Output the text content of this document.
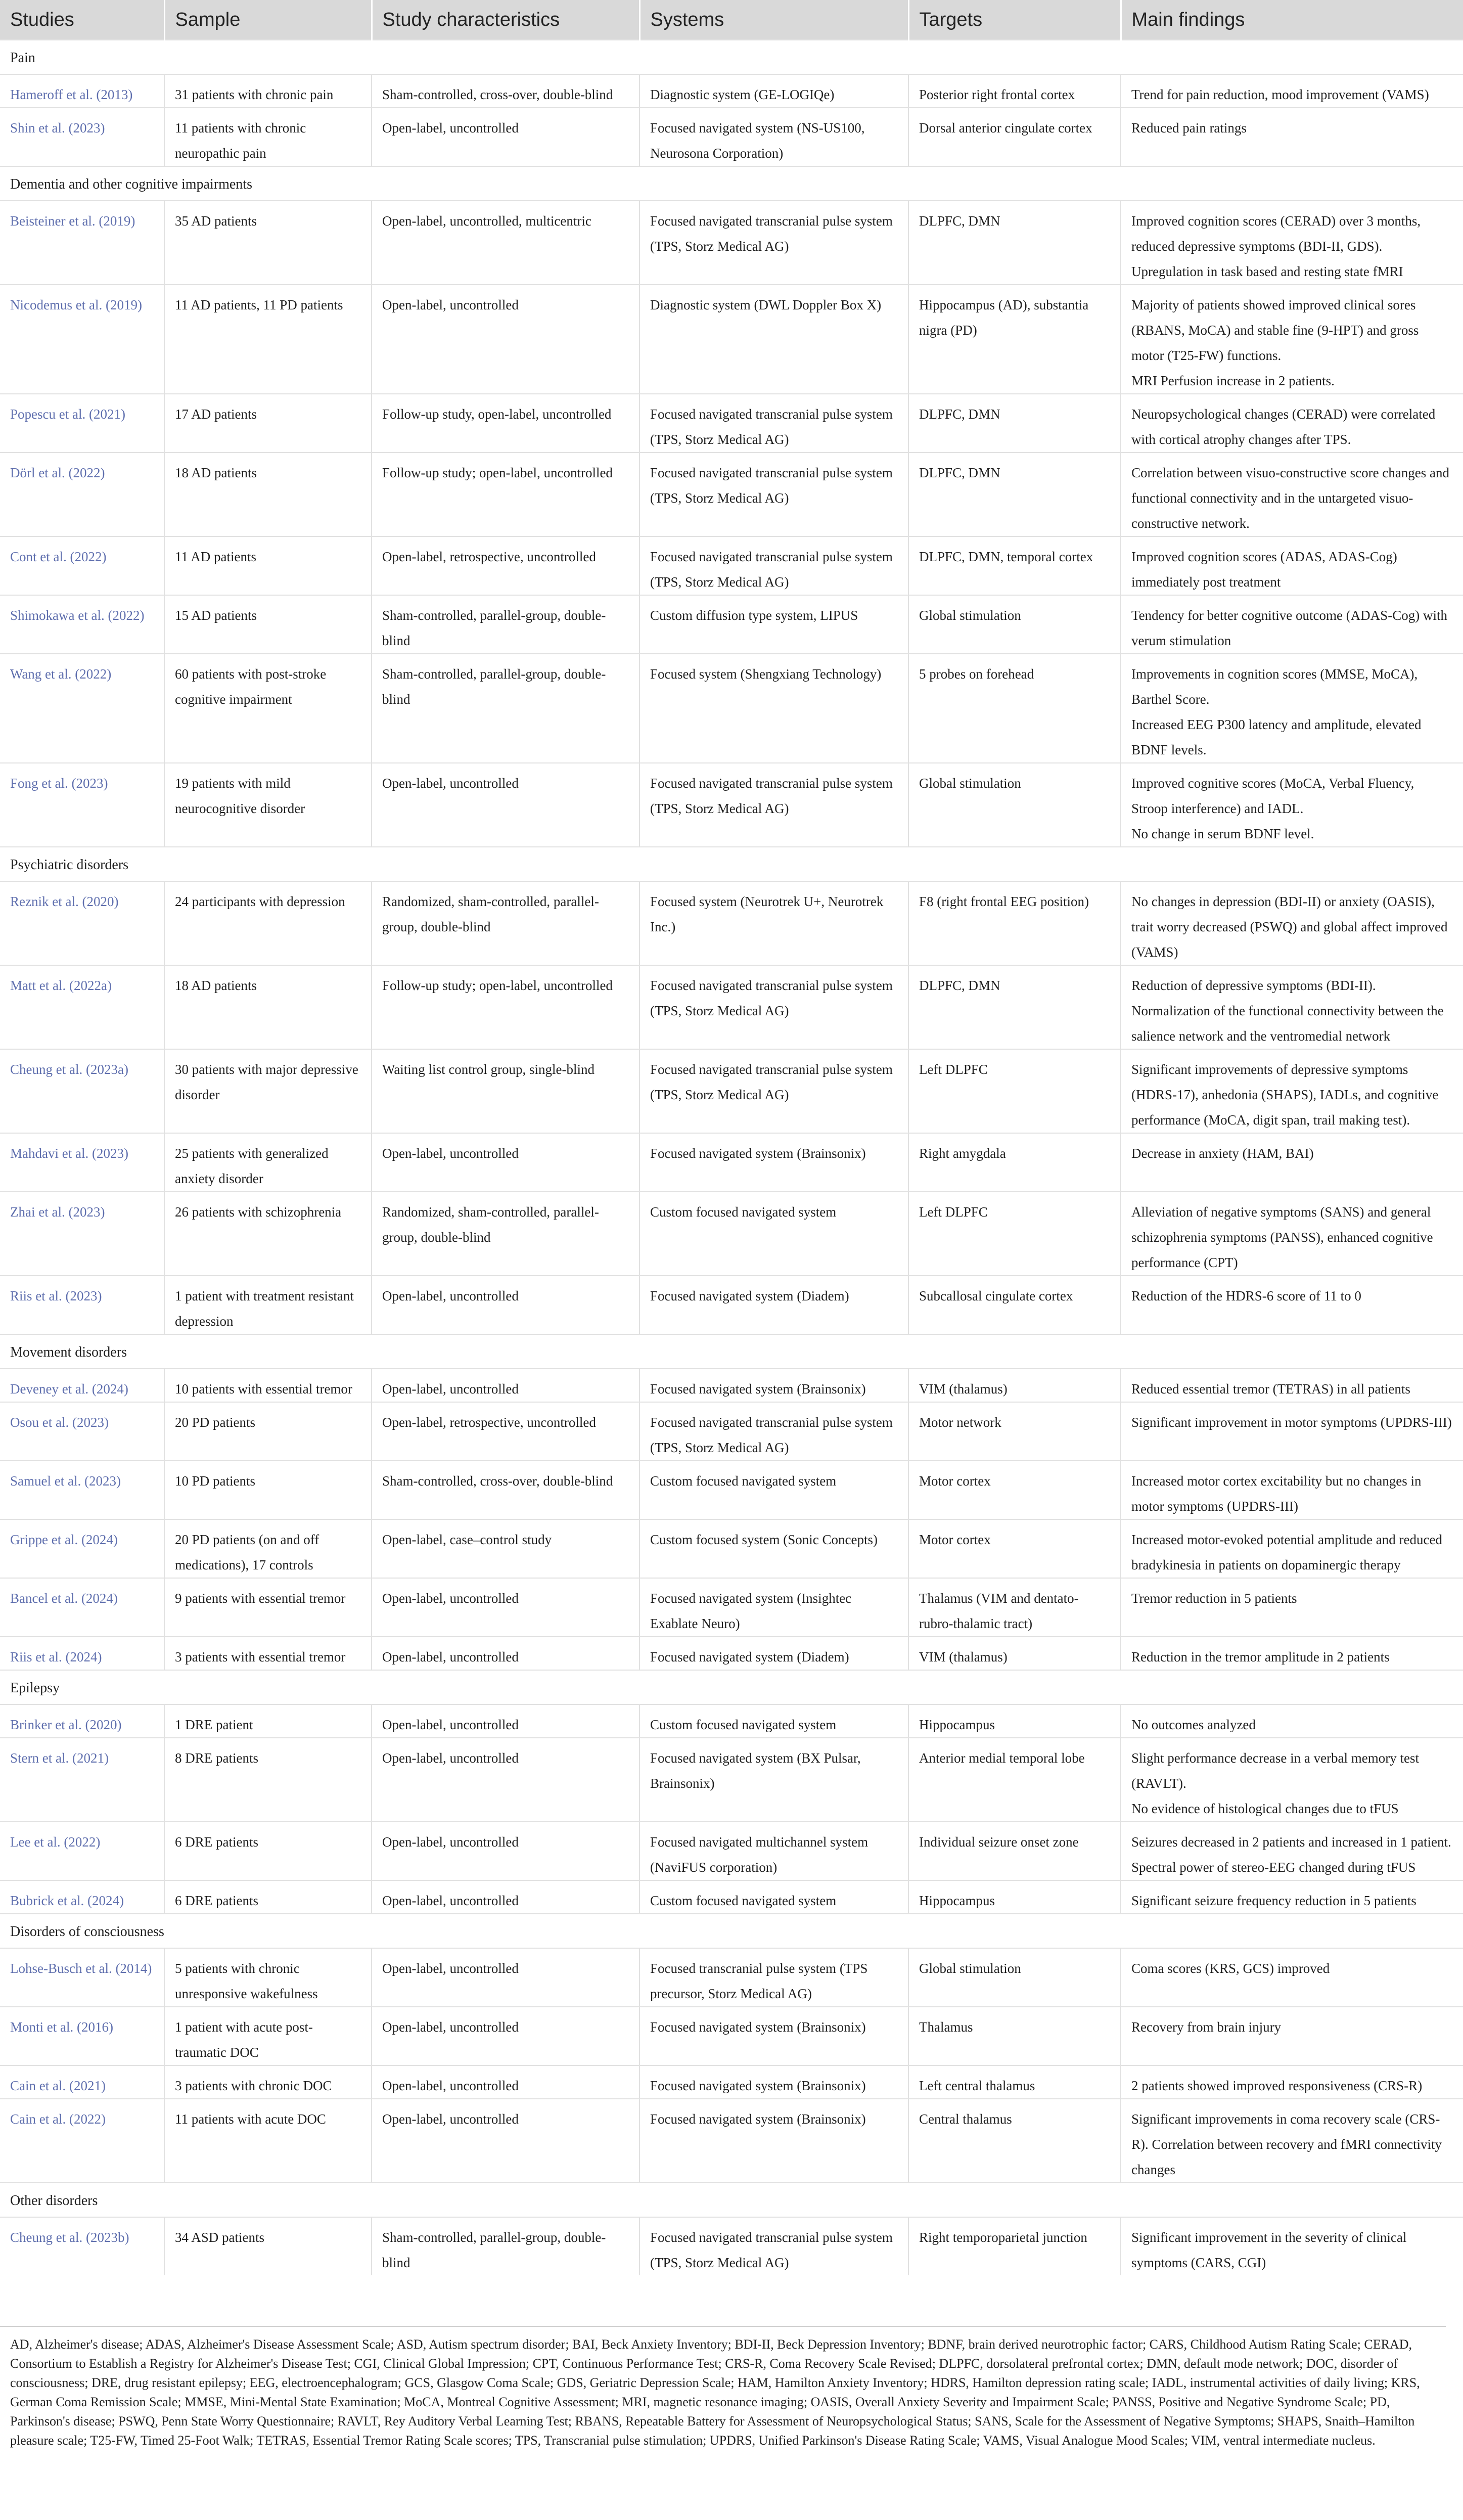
Studies	Sample	Study characteristics	Systems	Targets	Main findings
Pain					
Hameroff et al. (2013)	31 patients with chronic pain	Sham-controlled, cross-over, double-blind	Diagnostic system (GE-LOGIQe)	Posterior right frontal cortex	Trend for pain reduction, mood improvement (VAMS)
Shin et al. (2023)	11 patients with chronic neuropathic pain	Open-label, uncontrolled	Focused navigated system (NS-US100, Neurosona Corporation)	Dorsal anterior cingulate cortex	Reduced pain ratings
Dementia and other cognitive impairments					
Beisteiner et al. (2019)	35 AD patients	Open-label, uncontrolled, multicentric	Focused navigated transcranial pulse system (TPS, Storz Medical AG)	DLPFC, DMN	Improved cognition scores (CERAD) over 3 months, reduced depressive symptoms (BDI-II, GDS). Upregulation in task based and resting state fMRI
Nicodemus et al. (2019)	11 AD patients, 11 PD patients	Open-label, uncontrolled	Diagnostic system (DWL Doppler Box X)	Hippocampus (AD), substantia nigra (PD)	Majority of patients showed improved clinical sores (RBANS, MoCA) and stable fine (9-HPT) and gross motor (T25-FW) functions.
MRI Perfusion increase in 2 patients.

Popescu et al. (2021)	17 AD patients	Follow-up study, open-label, uncontrolled	Focused navigated transcranial pulse system (TPS, Storz Medical AG)	DLPFC, DMN	Neuropsychological changes (CERAD) were correlated with cortical atrophy changes after TPS.
Dörl et al. (2022)	18 AD patients	Follow-up study; open-label, uncontrolled	Focused navigated transcranial pulse system (TPS, Storz Medical AG)	DLPFC, DMN	Correlation between visuo-constructive score changes and functional connectivity and in the untargeted visuo-constructive network.
Cont et al. (2022)	11 AD patients	Open-label, retrospective, uncontrolled	Focused navigated transcranial pulse system (TPS, Storz Medical AG)	DLPFC, DMN, temporal cortex	Improved cognition scores (ADAS, ADAS-Cog) immediately post treatment
Shimokawa et al. (2022)	15 AD patients	Sham-controlled, parallel-group, double-blind	Custom diffusion type system, LIPUS	Global stimulation	Tendency for better cognitive outcome (ADAS-Cog) with verum stimulation
Wang et al. (2022)	60 patients with post-stroke cognitive impairment	Sham-controlled, parallel-group, double-blind	Focused system (Shengxiang Technology)	5 probes on forehead	Improvements in cognition scores (MMSE, MoCA), Barthel Score.
Increased EEG P300 latency and amplitude, elevated BDNF levels.

Fong et al. (2023)	19 patients with mild neurocognitive disorder	Open-label, uncontrolled	Focused navigated transcranial pulse system (TPS, Storz Medical AG)	Global stimulation	Improved cognitive scores (MoCA, Verbal Fluency, Stroop interference) and IADL.
No change in serum BDNF level.

Psychiatric disorders					
Reznik et al. (2020)	24 participants with depression	Randomized, sham-controlled, parallel-group, double-blind	Focused system (Neurotrek U+, Neurotrek Inc.)	F8 (right frontal EEG position)	No changes in depression (BDI-II) or anxiety (OASIS), trait worry decreased (PSWQ) and global affect improved (VAMS)
Matt et al. (2022a)	18 AD patients	Follow-up study; open-label, uncontrolled	Focused navigated transcranial pulse system (TPS, Storz Medical AG)	DLPFC, DMN	Reduction of depressive symptoms (BDI-II).
Normalization of the functional connectivity between the salience network and the ventromedial network

Cheung et al. (2023a)	30 patients with major depressive disorder	Waiting list control group, single-blind	Focused navigated transcranial pulse system (TPS, Storz Medical AG)	Left DLPFC	Significant improvements of depressive symptoms (HDRS-17), anhedonia (SHAPS), IADLs, and cognitive performance (MoCA, digit span, trail making test).
Mahdavi et al. (2023)	25 patients with generalized anxiety disorder	Open-label, uncontrolled	Focused navigated system (Brainsonix)	Right amygdala	Decrease in anxiety (HAM, BAI)
Zhai et al. (2023)	26 patients with schizophrenia	Randomized, sham-controlled, parallel-group, double-blind	Custom focused navigated system	Left DLPFC	Alleviation of negative symptoms (SANS) and general schizophrenia symptoms (PANSS), enhanced cognitive performance (CPT)
Riis et al. (2023)	1 patient with treatment resistant depression	Open-label, uncontrolled	Focused navigated system (Diadem)	Subcallosal cingulate cortex	Reduction of the HDRS-6 score of 11 to 0
Movement disorders					
Deveney et al. (2024)	10 patients with essential tremor	Open-label, uncontrolled	Focused navigated system (Brainsonix)	VIM (thalamus)	Reduced essential tremor (TETRAS) in all patients
Osou et al. (2023)	20 PD patients	Open-label, retrospective, uncontrolled	Focused navigated transcranial pulse system (TPS, Storz Medical AG)	Motor network	Significant improvement in motor symptoms (UPDRS-III)
Samuel et al. (2023)	10 PD patients	Sham-controlled, cross-over, double-blind	Custom focused navigated system	Motor cortex	Increased motor cortex excitability but no changes in motor symptoms (UPDRS-III)
Grippe et al. (2024)	20 PD patients (on and off medications), 17 controls	Open-label, case–control study	Custom focused system (Sonic Concepts)	Motor cortex	Increased motor-evoked potential amplitude and reduced bradykinesia in patients on dopaminergic therapy
Bancel et al. (2024)	9 patients with essential tremor	Open-label, uncontrolled	Focused navigated system (Insightec Exablate Neuro)	Thalamus (VIM and dentato-rubro-thalamic tract)	Tremor reduction in 5 patients
Riis et al. (2024)	3 patients with essential tremor	Open-label, uncontrolled	Focused navigated system (Diadem)	VIM (thalamus)	Reduction in the tremor amplitude in 2 patients
Epilepsy					
Brinker et al. (2020)	1 DRE patient	Open-label, uncontrolled	Custom focused navigated system	Hippocampus	No outcomes analyzed
Stern et al. (2021)	8 DRE patients	Open-label, uncontrolled	Focused navigated system (BX Pulsar, Brainsonix)	Anterior medial temporal lobe	Slight performance decrease in a verbal memory test (RAVLT).
No evidence of histological changes due to tFUS

Lee et al. (2022)	6 DRE patients	Open-label, uncontrolled	Focused navigated multichannel system (NaviFUS corporation)	Individual seizure onset zone	Seizures decreased in 2 patients and increased in 1 patient. Spectral power of stereo-EEG changed during tFUS
Bubrick et al. (2024)	6 DRE patients	Open-label, uncontrolled	Custom focused navigated system	Hippocampus	Significant seizure frequency reduction in 5 patients
Disorders of consciousness					
Lohse-Busch et al. (2014)	5 patients with chronic unresponsive wakefulness	Open-label, uncontrolled	Focused transcranial pulse system (TPS precursor, Storz Medical AG)	Global stimulation	Coma scores (KRS, GCS) improved
Monti et al. (2016)	1 patient with acute post-traumatic DOC	Open-label, uncontrolled	Focused navigated system (Brainsonix)	Thalamus	Recovery from brain injury
Cain et al. (2021)	3 patients with chronic DOC	Open-label, uncontrolled	Focused navigated system (Brainsonix)	Left central thalamus	2 patients showed improved responsiveness (CRS-R)
Cain et al. (2022)	11 patients with acute DOC	Open-label, uncontrolled	Focused navigated system (Brainsonix)	Central thalamus	Significant improvements in coma recovery scale (CRS-R). Correlation between recovery and fMRI connectivity changes
Other disorders					
Cheung et al. (2023b)	34 ASD patients	Sham-controlled, parallel-group, double-blind	Focused navigated transcranial pulse system (TPS, Storz Medical AG)	Right temporoparietal junction	Significant improvement in the severity of clinical symptoms (CARS, CGI)
AD, Alzheimer's disease; ADAS, Alzheimer's Disease Assessment Scale; ASD, Autism spectrum disorder; BAI, Beck Anxiety Inventory; BDI-II, Beck Depression Inventory; BDNF, brain derived neurotrophic factor; CARS, Childhood Autism Rating Scale; CERAD, Consortium to Establish a Registry for Alzheimer's Disease Test; CGI, Clinical Global Impression; CPT, Continuous Performance Test; CRS-R, Coma Recovery Scale Revised; DLPFC, dorsolateral prefrontal cortex; DMN, default mode network; DOC, disorder of consciousness; DRE, drug resistant epilepsy; EEG, electroencephalogram; GCS, Glasgow Coma Scale; GDS, Geriatric Depression Scale; HAM, Hamilton Anxiety Inventory; HDRS, Hamilton depression rating scale; IADL, instrumental activities of daily living; KRS, German Coma Remission Scale; MMSE, Mini-Mental State Examination; MoCA, Montreal Cognitive Assessment; MRI, magnetic resonance imaging; OASIS, Overall Anxiety Severity and Impairment Scale; PANSS, Positive and Negative Syndrome Scale; PD, Parkinson's disease; PSWQ, Penn State Worry Questionnaire; RAVLT, Rey Auditory Verbal Learning Test; RBANS, Repeatable Battery for Assessment of Neuropsychological Status; SANS, Scale for the Assessment of Negative Symptoms; SHAPS, Snaith–Hamilton pleasure scale; T25-FW, Timed 25-Foot Walk; TETRAS, Essential Tremor Rating Scale scores; TPS, Transcranial pulse stimulation; UPDRS, Unified Parkinson's Disease Rating Scale; VAMS, Visual Analogue Mood Scales; VIM, ventral intermediate nucleus.
